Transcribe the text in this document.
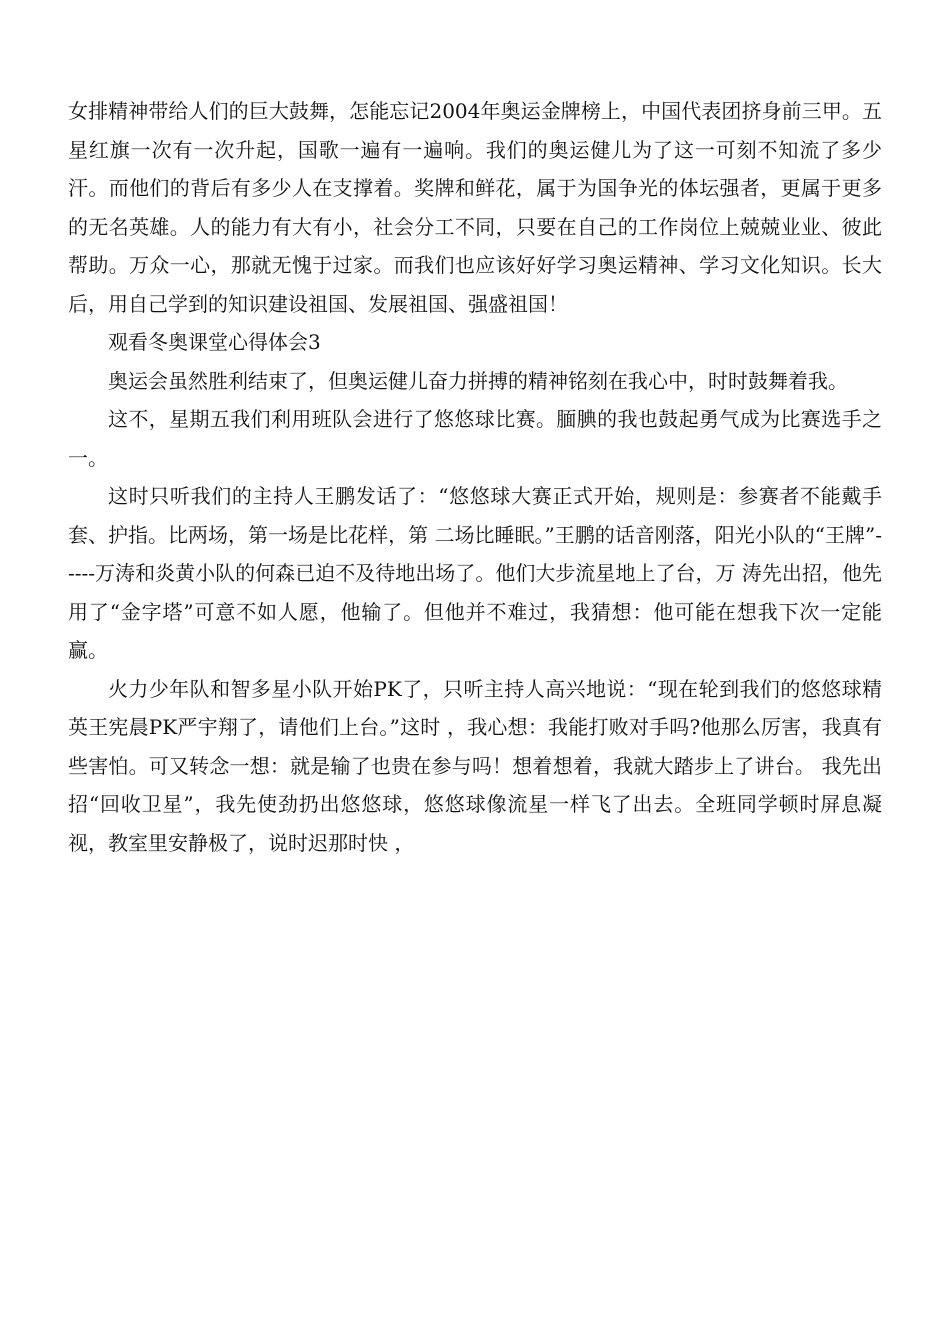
女排精神带给人们的巨大鼓舞，怎能忘记2004年奥运金牌榜上，中国代表团挤身前三甲。五星红旗一次有一次升起，国歌一遍有一遍响。我们的奥运健儿为了这一可刻不知流了多少汗。而他们的背后有多少人在支撑着。奖牌和鲜花，属于为国争光的体坛强者，更属于更多的无名英雄。人的能力有大有小，社会分工不同，只要在自己的工作岗位上兢兢业业、彼此帮助。万众一心，那就无愧于过家。而我们也应该好好学习奥运精神、学习文化知识。长大后，用自己学到的知识建设祖国、发展祖国、强盛祖国！

观看冬奥课堂心得体会3

奥运会虽然胜利结束了，但奥运健儿奋力拼搏的精神铭刻在我心中，时时鼓舞着我。

这不，星期五我们利用班队会进行了悠悠球比赛。腼腆的我也鼓起勇气成为比赛选手之一。

这时只听我们的主持人王鹏发话了：“悠悠球大赛正式开始，规则是：参赛者不能戴手套、护指。比两场，第一场是比花样，第 二场比睡眠。”王鹏的话音刚落，阳光小队的“王牌”-----万涛和炎黄小队的何森已迫不及待地出场了。他们大步流星地上了台，万 涛先出招，他先用了“金字塔”可意不如人愿，他输了。但他并不难过，我猜想：他可能在想我下次一定能赢。

火力少年队和智多星小队开始PK了，只听主持人高兴地说：“现在轮到我们的悠悠球精英王宪晨PK严宇翔了，请他们上台。”这时 ，我心想：我能打败对手吗?他那么厉害，我真有些害怕。可又转念一想：就是输了也贵在参与吗！想着想着，我就大踏步上了讲台。 我先出招“回收卫星”，我先使劲扔出悠悠球，悠悠球像流星一样飞了出去。全班同学顿时屏息凝视，教室里安静极了，说时迟那时快 ，
